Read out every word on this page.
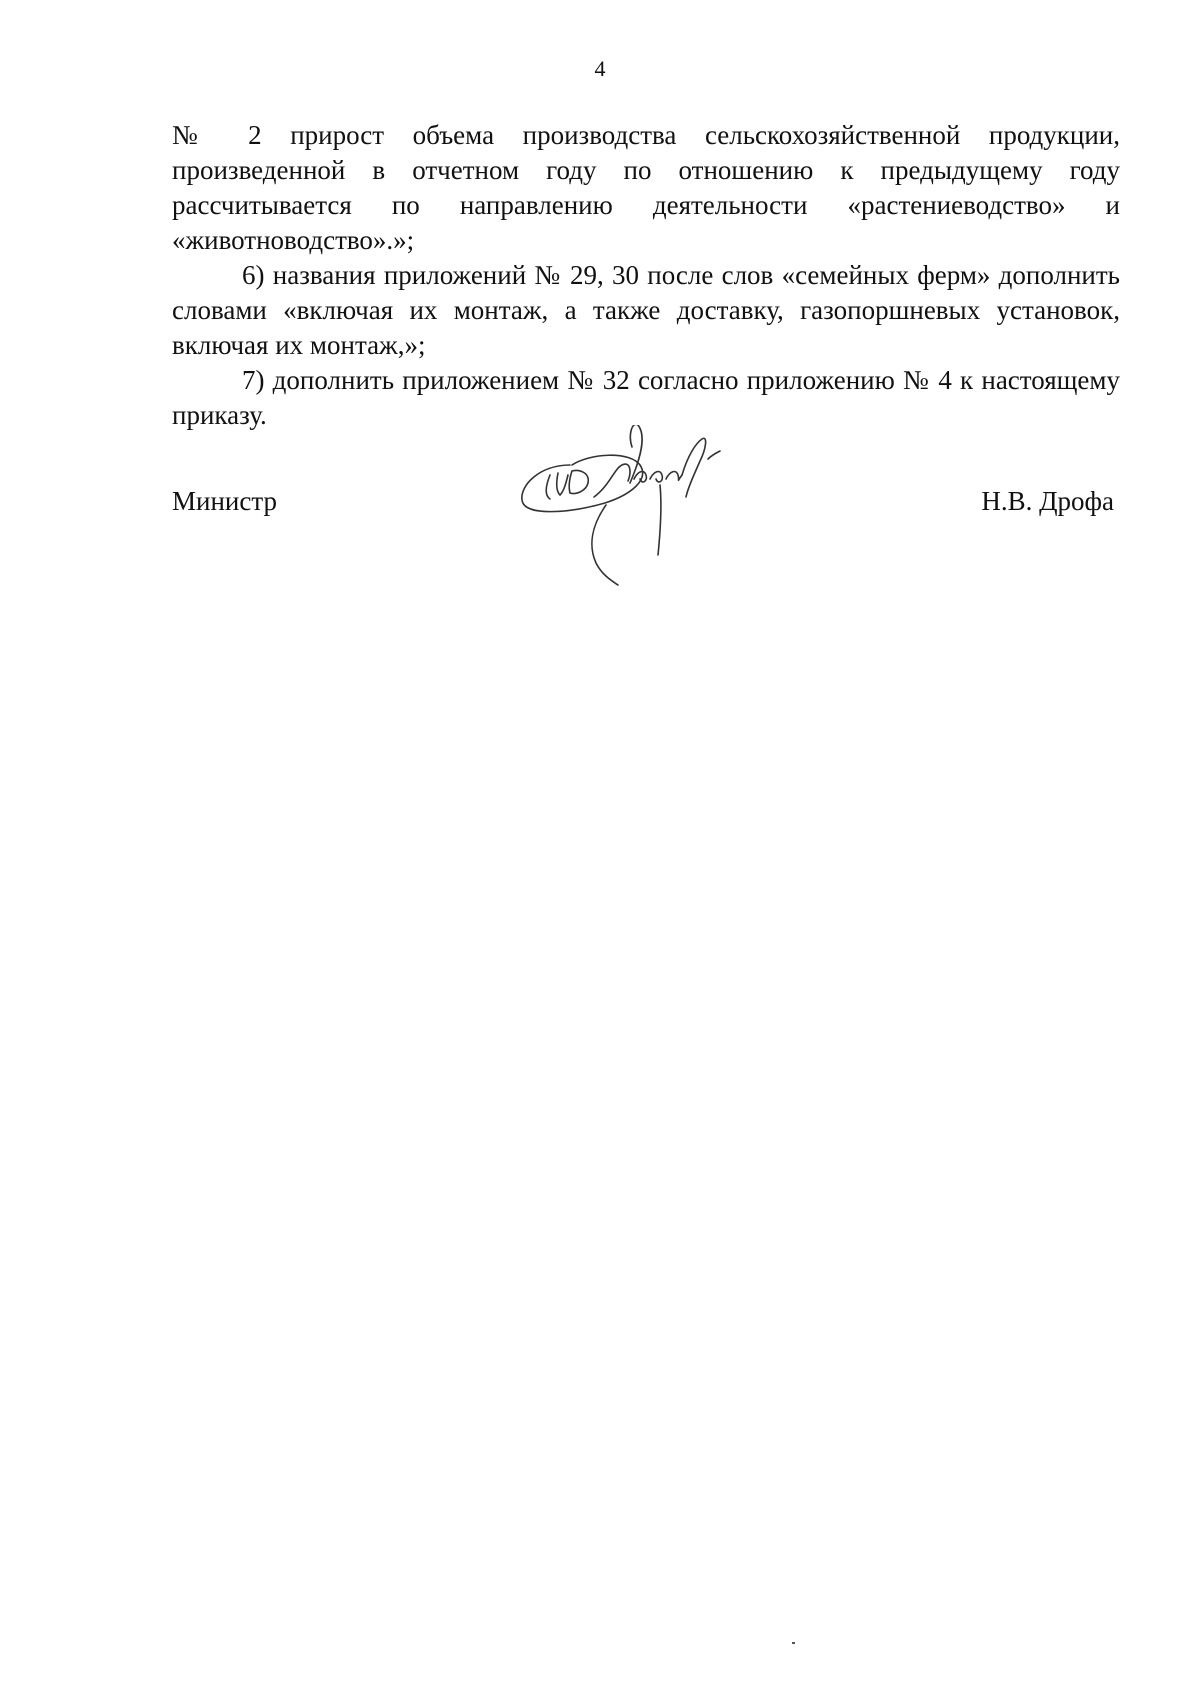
4

№ 2 прирост объема производства сельскохозяйственной продукции, произведенной в отчетном году по отношению к предыдущему году рассчитывается по направлению деятельности «растениеводство» и «животноводство».»;

6) названия приложений № 29, 30 после слов «семейных ферм» дополнить словами «включая их монтаж, а также доставку, газопоршневых установок, включая их монтаж,»;

7) дополнить приложением № 32 согласно приложению № 4 к настоящему приказу.

Министр	Н.В. Дрофа
